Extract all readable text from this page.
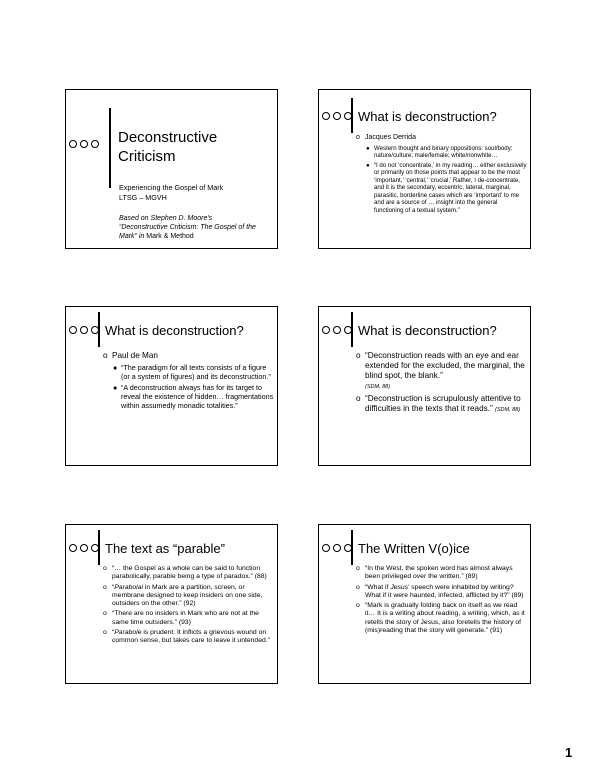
Deconstructive
Criticism
Experiencing the Gospel of Mark
LTSG – MGVH
Based on Stephen D. Moore's
“Deconstructive Criticism: The Gospel of the Mark” in Mark & Method
What is deconstruction?
o Jacques Derrida
● Western thought and binary oppositions: soul/body; nature/culture; male/female; white/nonwhite…
● “I do not ‘concentrate,’ in my reading… either exclusively or primarily on those points that appear to be the most ‘important,’ ‘central,’ ‘crucial.’ Rather, I de-concentrate, and it is the secondary, eccentric, lateral, marginal, parasitic, borderline cases which are ‘important’ to me and are a source of … insight into the general functioning of a textual system.”
What is deconstruction?
o Paul de Man
● “The paradigm for all texts consists of a figure (or a system of figures) and its deconstruction.”
● “A deconstruction always has for its target to reveal the existence of hidden… fragmentations within assumedly monadic totalities.”
What is deconstruction?
o “Deconstruction reads with an eye and ear extended for the excluded, the marginal, the blind spot, the blank.”
(SDM, 88)
o “Deconstruction is scrupulously attentive to difficulties in the texts that it reads.” (SDM, 88)
The text as “parable”
o “… the Gospel as a whole can be said to function parabolically, parable being a type of paradox.” (88)
o “Parabolai in Mark are a partition, screen, or membrane designed to keep insiders on one side, outsiders on the other.” (92)
o “There are no insiders in Mark who are not at the same time outsiders.” (93)
o “Parabole is prudent. It inflicts a grievous wound on common sense, but takes care to leave it untended.”
The Written V(o)ice
o “In the West, the spoken word has almost always been privileged over the written.” (89)
o “What if Jesus’ speech were inhabited by writing? What if it were haunted, infected, afflicted by it?” (89)
o “Mark is gradually folding back on itself as we read it… It is a writing about reading, a writing, which, as it retells the story of Jesus, also foretells the history of (mis)reading that the story will generate.” (91)
1
